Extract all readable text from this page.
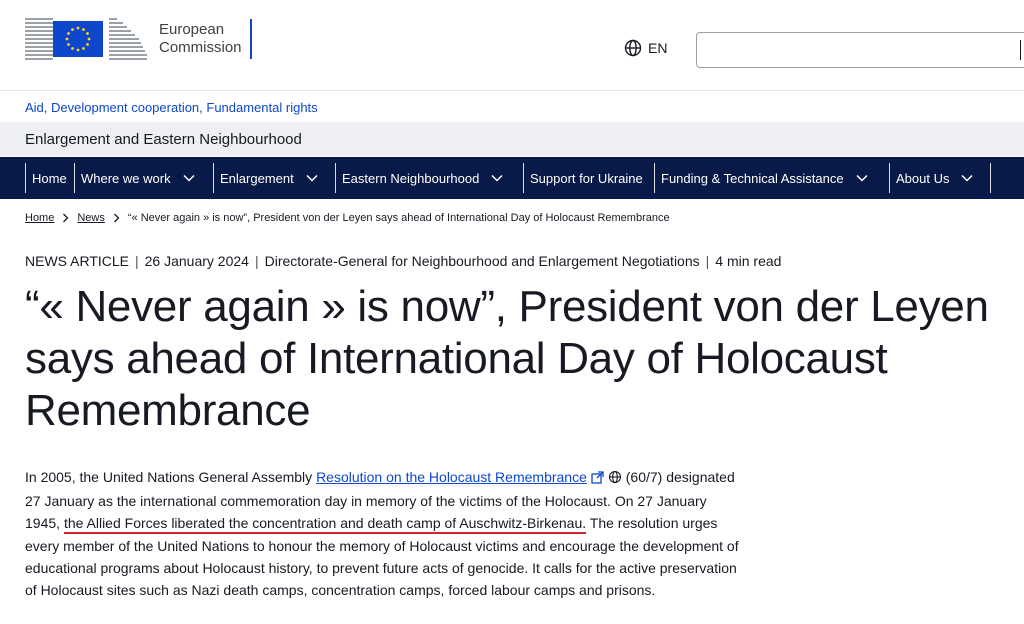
European
Commission	EN
Aid, Development cooperation, Fundamental rights
Enlargement and Eastern Neighbourhood
Home	Where we work	Enlargement	Eastern Neighbourhood	Support for Ukraine	Funding & Technical Assistance	About Us
Home News “« Never again » is now”, President von der Leyen says ahead of International Day of Holocaust Remembrance
NEWS ARTICLE | 26 January 2024 | Directorate-General for Neighbourhood and Enlargement Negotiations | 4 min read
“« Never again » is now”, President von der Leyen says ahead of International Day of Holocaust Remembrance
In 2005, the United Nations General Assembly Resolution on the Holocaust Remembrance	(60/7) designated 27 January as the international commemoration day in memory of the victims of the Holocaust. On 27 January 1945, the Allied Forces liberated the concentration and death camp of Auschwitz-Birkenau. The resolution urges every member of the United Nations to honour the memory of Holocaust victims and encourage the development of educational programs about Holocaust history, to prevent future acts of genocide. It calls for the active preservation of Holocaust sites such as Nazi death camps, concentration camps, forced labour camps and prisons.
